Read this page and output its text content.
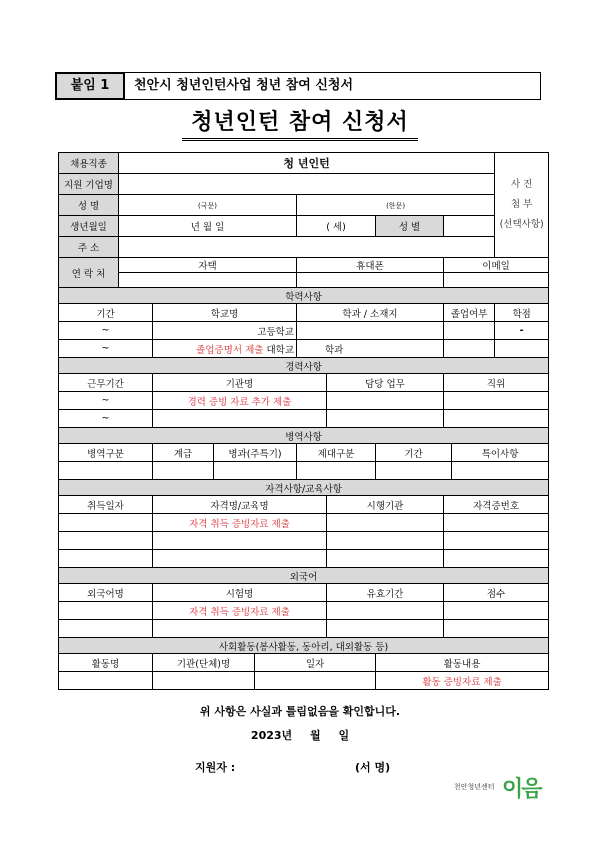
붙임 1	천안시 청년인턴사업 청년 참여 신청서
청년인턴 참여 신청서
채용직종	청 년인턴									사 진
첨 부
(선택사항)

지원 기업명										
성 명	(국문)				(한문)					
생년월일	년 월 일				( 세)		성 별			
주 소										
연 락 처	자택				휴대폰			이메일		

학력사항										
기간		학교명			학과 / 소재지			졸업여부		학점
~		고등학교								-
~		졸업증명서 제출 대학교			학과					
경력사항										
근무기간		기관명				담당 업무		직위		
~		경력 증빙 자료 추가 제출								
~										
병역사항										
병역구분		계급	병과(주특기)		제대구분		기간		특이사항	

자격사항/교육사항										
취득일자		자격명/교육명				시행기관		자격증번호		
		자격 취득 증빙자료 제출								

외국어										
외국어명		시험명				유효기간		점수		
		자격 취득 증빙자료 제출								

사회활동(봉사활동, 동아리, 대외활동 등)										
활동명		기관(단체)명		일자			활동내용			
							활동 증빙자료 제출			
위 사항은 사실과 틀림없음을 확인합니다.
2023년 월 일
지원자 :	(서 명)
천안청년센터 이음
